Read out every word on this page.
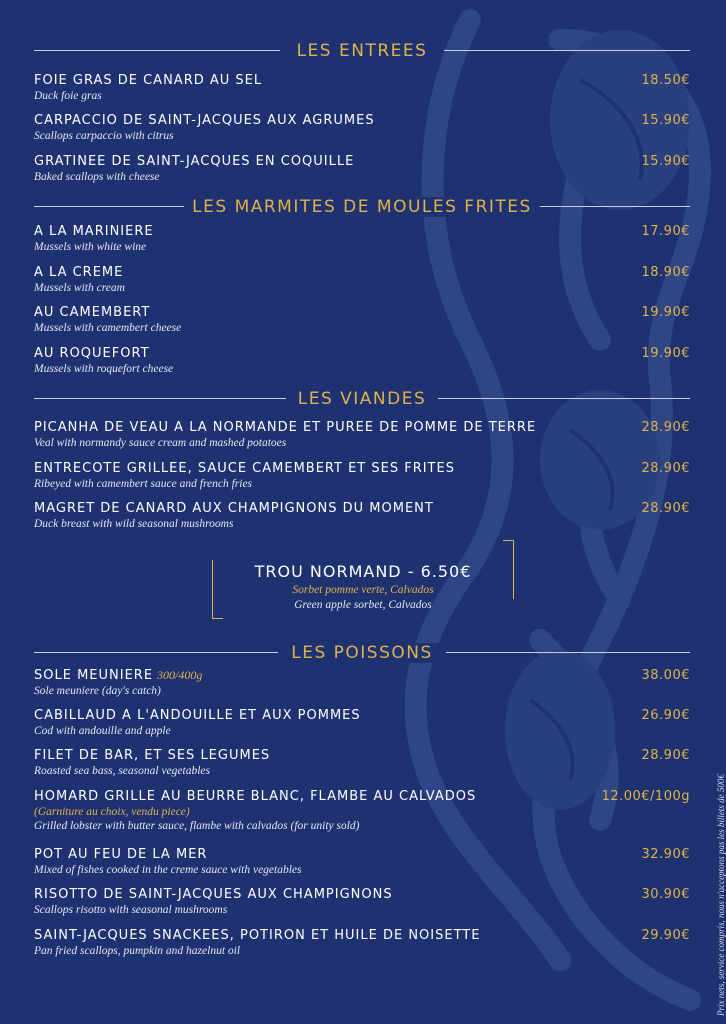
LES ENTREES
FOIE GRAS DE CANARD AU SEL
Duck foie gras
18.50€
CARPACCIO DE SAINT-JACQUES AUX AGRUMES
Scallops carpaccio with citrus
15.90€
GRATINEE DE SAINT-JACQUES EN COQUILLE
Baked scallops with cheese
15.90€
LES MARMITES DE MOULES FRITES
A LA MARINIERE
Mussels with white wine
17.90€
A LA CREME
Mussels with cream
18.90€
AU CAMEMBERT
Mussels with camembert cheese
19.90€
AU ROQUEFORT
Mussels with roquefort cheese
19.90€
LES VIANDES
PICANHA DE VEAU A LA NORMANDE ET PUREE DE POMME DE TERRE
Veal with normandy sauce cream and mashed potatoes
28.90€
ENTRECOTE GRILLEE, SAUCE CAMEMBERT ET SES FRITES
Ribeyed with camembert sauce and french fries
28.90€
MAGRET DE CANARD AUX CHAMPIGNONS DU MOMENT
Duck breast with wild seasonal mushrooms
28.90€
TROU NORMAND - 6.50€
Sorbet pomme verte, Calvados
Green apple sorbet, Calvados
LES POISSONS
SOLE MEUNIERE 300/400g
Sole meuniere (day's catch)
38.00€
CABILLAUD A L'ANDOUILLE ET AUX POMMES
Cod with andouille and apple
26.90€
FILET DE BAR, ET SES LEGUMES
Roasted sea bass, seasonal vegetables
28.90€
HOMARD GRILLE AU BEURRE BLANC, FLAMBE AU CALVADOS
(Garniture au choix, vendu piece)
Grilled lobster with butter sauce, flambe with calvados (for unity sold)
12.00€/100g
POT AU FEU DE LA MER
Mixed of fishes cooked in the creme sauce with vegetables
32.90€
RISOTTO DE SAINT-JACQUES AUX CHAMPIGNONS
Scallops risotto with seasonal mushrooms
30.90€
SAINT-JACQUES SNACKEES, POTIRON ET HUILE DE NOISETTE
Pan fried scallops, pumpkin and hazelnut oil
29.90€	Prix nets, service compris, nous n'acceptons pas les billets de 500€
